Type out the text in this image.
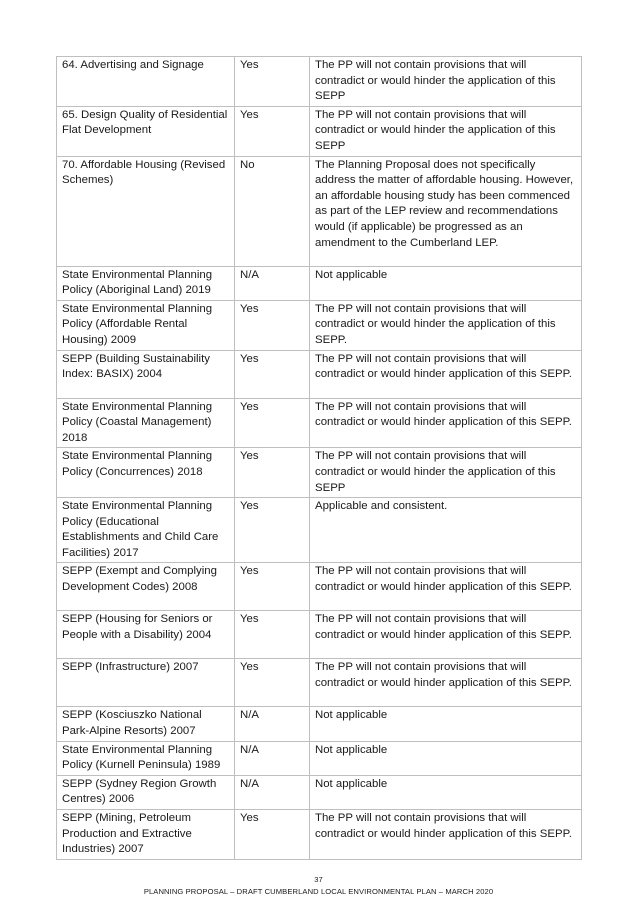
64. Advertising and Signage	Yes	The PP will not contain provisions that will contradict or would hinder the application of this SEPP
65. Design Quality of Residential Flat Development	Yes	The PP will not contain provisions that will contradict or would hinder the application of this SEPP
70. Affordable Housing (Revised Schemes)	No	The Planning Proposal does not specifically address the matter of affordable housing. However, an affordable housing study has been commenced as part of the LEP review and recommendations would (if applicable) be progressed as an amendment to the Cumberland LEP.
State Environmental Planning Policy (Aboriginal Land) 2019	N/A	Not applicable
State Environmental Planning Policy (Affordable Rental Housing) 2009	Yes	The PP will not contain provisions that will contradict or would hinder the application of this SEPP.
SEPP (Building Sustainability Index: BASIX) 2004	Yes	The PP will not contain provisions that will contradict or would hinder application of this SEPP.
State Environmental Planning Policy (Coastal Management) 2018	Yes	The PP will not contain provisions that will contradict or would hinder application of this SEPP.
State Environmental Planning Policy (Concurrences) 2018	Yes	The PP will not contain provisions that will contradict or would hinder the application of this SEPP
State Environmental Planning Policy (Educational Establishments and Child Care Facilities) 2017	Yes	Applicable and consistent.
SEPP (Exempt and Complying Development Codes) 2008	Yes	The PP will not contain provisions that will contradict or would hinder application of this SEPP.
SEPP (Housing for Seniors or People with a Disability) 2004	Yes	The PP will not contain provisions that will contradict or would hinder application of this SEPP.
SEPP (Infrastructure) 2007	Yes	The PP will not contain provisions that will contradict or would hinder application of this SEPP.
SEPP (Kosciuszko National Park-Alpine Resorts) 2007	N/A	Not applicable
State Environmental Planning Policy (Kurnell Peninsula) 1989	N/A	Not applicable
SEPP (Sydney Region Growth Centres) 2006	N/A	Not applicable
SEPP (Mining, Petroleum Production and Extractive Industries) 2007	Yes	The PP will not contain provisions that will contradict or would hinder application of this SEPP.
37
PLANNING PROPOSAL – DRAFT CUMBERLAND LOCAL ENVIRONMENTAL PLAN – MARCH 2020
